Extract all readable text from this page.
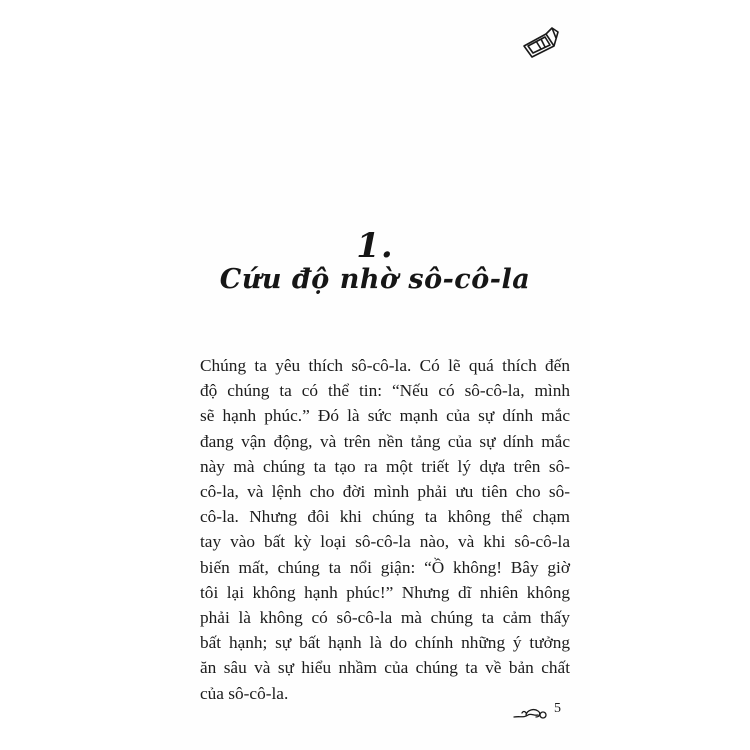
1.
Cứu độ nhờ sô-cô-la
Chúng ta yêu thích sô-cô-la. Có lẽ quá thích đến
độ chúng ta có thể tin: “Nếu có sô-cô-la, mình
sẽ hạnh phúc.” Đó là sức mạnh của sự dính mắc
đang vận động, và trên nền tảng của sự dính mắc
này mà chúng ta tạo ra một triết lý dựa trên sô-
cô-la, và lệnh cho đời mình phải ưu tiên cho sô-
cô-la. Nhưng đôi khi chúng ta không thể chạm
tay vào bất kỳ loại sô-cô-la nào, và khi sô-cô-la
biến mất, chúng ta nổi giận: “Ồ không! Bây giờ
tôi lại không hạnh phúc!” Nhưng dĩ nhiên không
phải là không có sô-cô-la mà chúng ta cảm thấy
bất hạnh; sự bất hạnh là do chính những ý tưởng
ăn sâu và sự hiểu nhầm của chúng ta về bản chất
của sô-cô-la.
5
